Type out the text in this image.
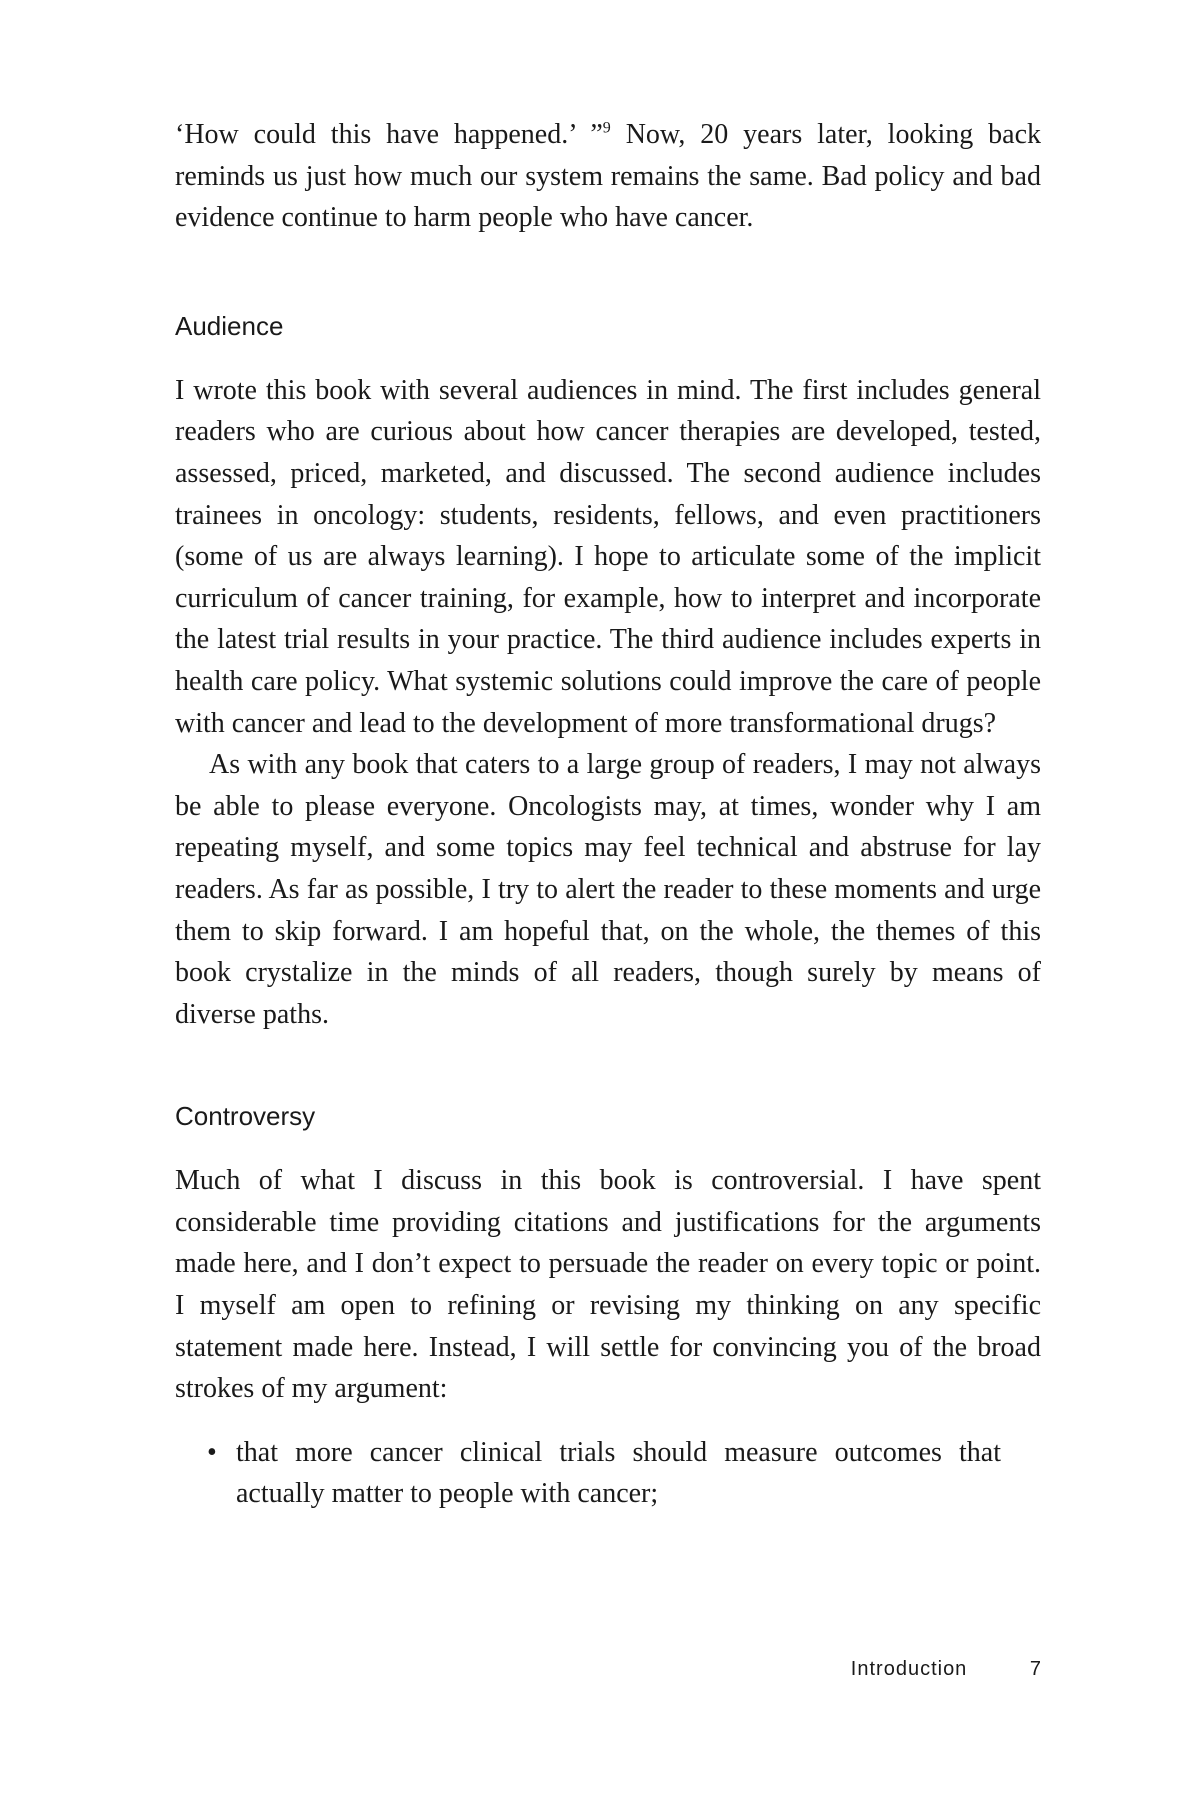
‘How could this have happened.’ ”$^9$ Now, 20 years later, looking back reminds us just how much our system remains the same. Bad policy and bad evidence continue to harm people who have cancer.

Audience

I wrote this book with several audiences in mind. The first includes general readers who are curious about how cancer therapies are developed, tested, assessed, priced, marketed, and discussed. The second audience includes trainees in oncology: students, residents, fellows, and even practitioners (some of us are always learning). I hope to articulate some of the implicit curriculum of cancer training, for example, how to interpret and incorporate the latest trial results in your practice. The third audience includes experts in health care policy. What systemic solutions could improve the care of people with cancer and lead to the development of more transformational drugs?

As with any book that caters to a large group of readers, I may not always be able to please everyone. Oncologists may, at times, wonder why I am repeating myself, and some topics may feel technical and abstruse for lay readers. As far as possible, I try to alert the reader to these moments and urge them to skip forward. I am hopeful that, on the whole, the themes of this book crystalize in the minds of all readers, though surely by means of diverse paths.

Controversy

Much of what I discuss in this book is controversial. I have spent considerable time providing citations and justifications for the arguments made here, and I don’t expect to persuade the reader on every topic or point. I myself am open to refining or revising my thinking on any specific statement made here. Instead, I will settle for convincing you of the broad strokes of my argument:

• that more cancer clinical trials should measure outcomes that actually matter to people with cancer;
Introduction	7
